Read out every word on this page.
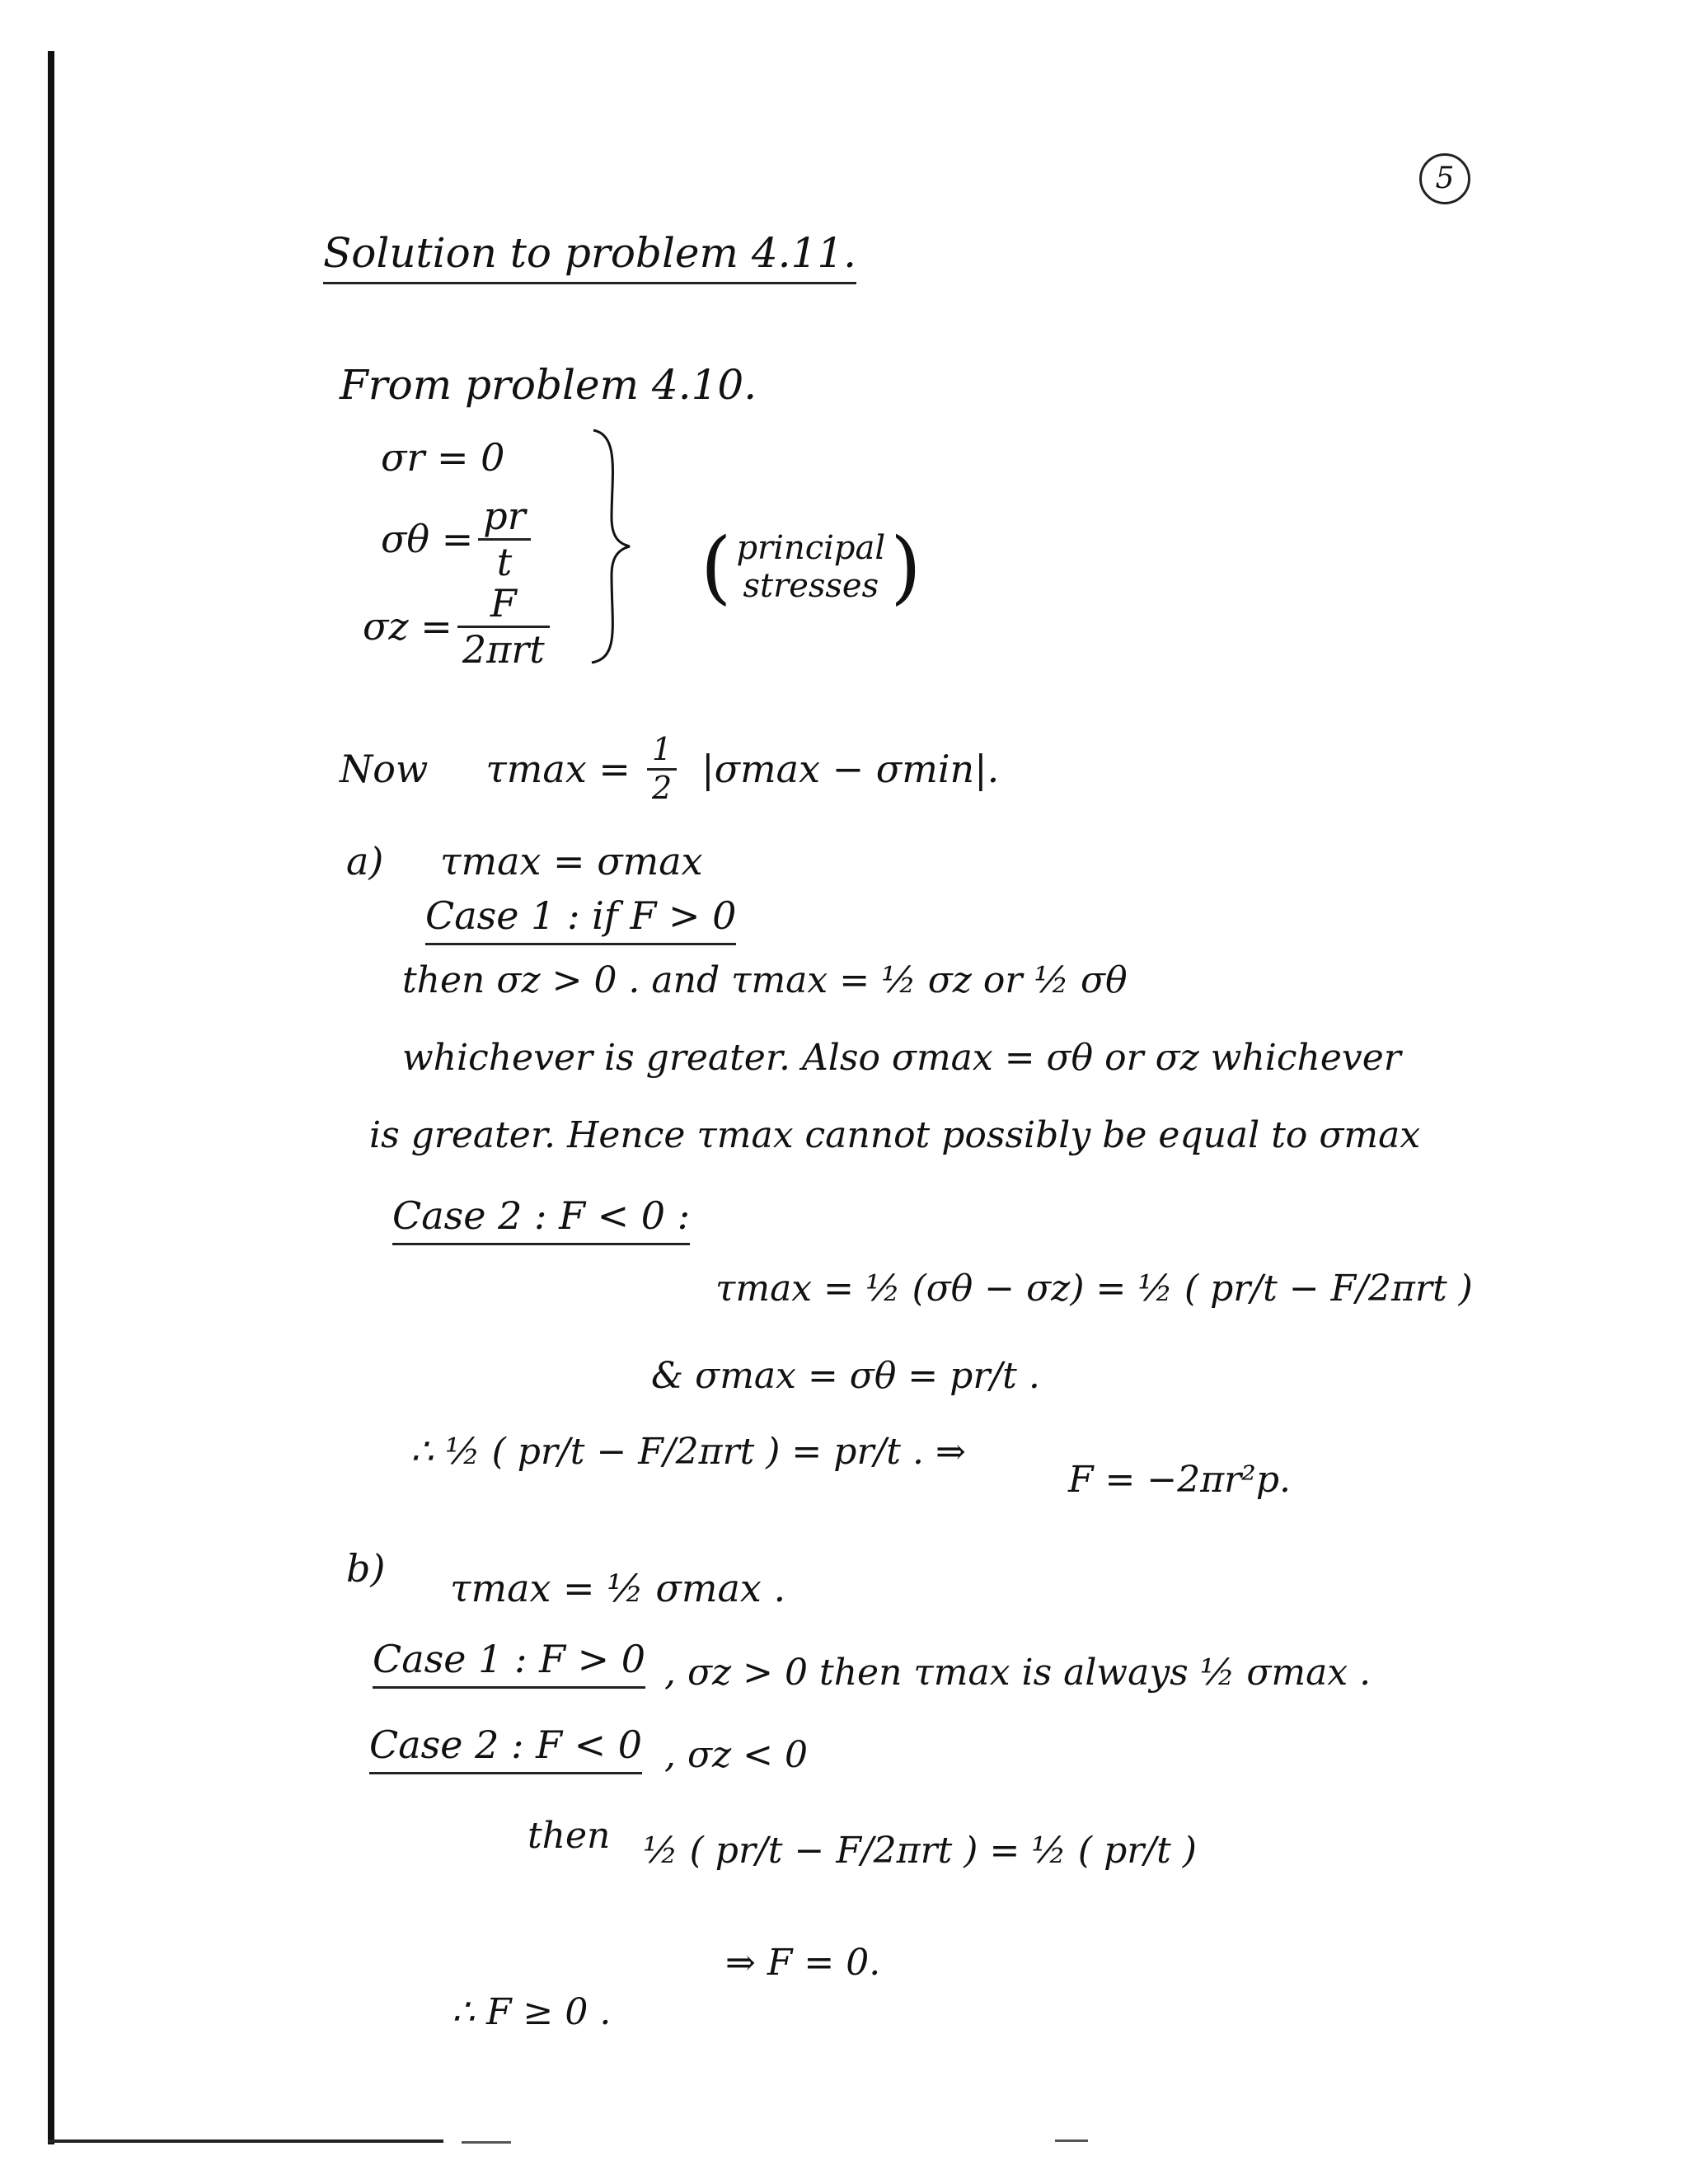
5
Solution to problem 4.11.
From problem 4.10.
σr = 0
$\sigma\theta = \frac{pr}{t}$
$\sigma z = \frac{F}{\text{2πrt}}$
( principal
stresses )
Now $\tau\max = \frac{1}{2} |\sigma\max - \sigma\min|$.
a) τmax = σmax
Case 1 : if F > 0
then σz > 0 . and τmax = ½ σz or ½ σθ
whichever is greater. Also σmax = σθ or σz whichever
is greater. Hence τmax cannot possibly be equal to σmax
Case 2 : F < 0 :
τmax = ½ (σθ − σz) = ½ ( pr/t − F/2πrt )
& σmax = σθ = pr/t .
∴ ½ ( pr/t − F/2πrt ) = pr/t . ⇒
F = −2πr²p.
b) τmax = ½ σmax .
Case 1 : F > 0 , σz > 0 then τmax is always ½ σmax .
Case 2 : F < 0 , σz < 0
then ½ ( pr/t − F/2πrt ) = ½ ( pr/t )
⇒ F = 0.
∴ F ≥ 0 .
